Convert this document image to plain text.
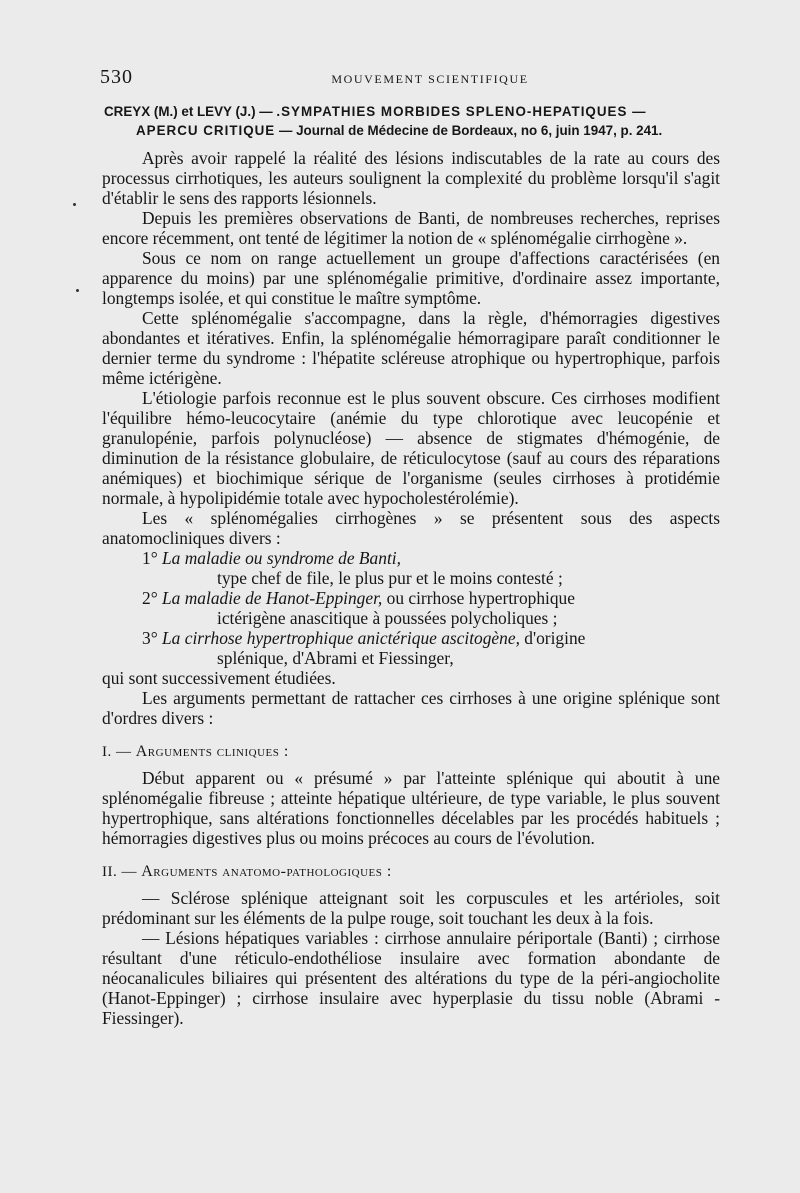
530	MOUVEMENT SCIENTIFIQUE
CREYX (M.) et LEVY (J.) — .SYMPATHIES MORBIDES SPLENO-HEPATIQUES —
APERCU CRITIQUE — Journal de Médecine de Bordeaux, no 6, juin 1947, p. 241.

Après avoir rappelé la réalité des lésions indiscutables de la rate au cours des processus cirrhotiques, les auteurs soulignent la complexité du problème lorsqu'il s'agit d'établir le sens des rapports lésionnels.

Depuis les premières observations de Banti, de nombreuses recherches, reprises encore récemment, ont tenté de légitimer la notion de « splénomégalie cirrhogène ».

Sous ce nom on range actuellement un groupe d'affections caractérisées (en apparence du moins) par une splénomégalie primitive, d'ordinaire assez importante, longtemps isolée, et qui constitue le maître symptôme.

Cette splénomégalie s'accompagne, dans la règle, d'hémorragies digestives abondantes et itératives. Enfin, la splénomégalie hémorragipare paraît conditionner le dernier terme du syndrome : l'hépatite scléreuse atrophique ou hypertrophique, parfois même ictérigène.

L'étiologie parfois reconnue est le plus souvent obscure. Ces cirrhoses modifient l'équilibre hémo-leucocytaire (anémie du type chlorotique avec leucopénie et granulopénie, parfois polynucléose) — absence de stigmates d'hémogénie, de diminution de la résistance globulaire, de réticulocytose (sauf au cours des réparations anémiques) et biochimique sérique de l'organisme (seules cirrhoses à protidémie normale, à hypolipidémie totale avec hypocholestérolémie).

Les « splénomégalies cirrhogènes » se présentent sous des aspects anatomocliniques divers :

1° La maladie ou syndrome de Banti,
type chef de file, le plus pur et le moins contesté ;
2° La maladie de Hanot-Eppinger, ou cirrhose hypertrophique
ictérigène anascitique à poussées polycholiques ;
3° La cirrhose hypertrophique anictérique ascitogène, d'origine
splénique, d'Abrami et Fiessinger,

qui sont successivement étudiées.

Les arguments permettant de rattacher ces cirrhoses à une origine splénique sont d'ordres divers :

I. — Arguments cliniques :

Début apparent ou « présumé » par l'atteinte splénique qui aboutit à une splénomégalie fibreuse ; atteinte hépatique ultérieure, de type variable, le plus souvent hypertrophique, sans altérations fonctionnelles décelables par les procédés habituels ; hémorragies digestives plus ou moins précoces au cours de l'évolution.

II. — Arguments anatomo-pathologiques :

— Sclérose splénique atteignant soit les corpuscules et les artérioles, soit prédominant sur les éléments de la pulpe rouge, soit touchant les deux à la fois.

— Lésions hépatiques variables : cirrhose annulaire périportale (Banti) ; cirrhose résultant d'une réticulo-endothéliose insulaire avec formation abondante de néocanalicules biliaires qui présentent des altérations du type de la péri-angiocholite (Hanot-Eppinger) ; cirrhose insulaire avec hyperplasie du tissu noble (Abrami - Fiessinger).
